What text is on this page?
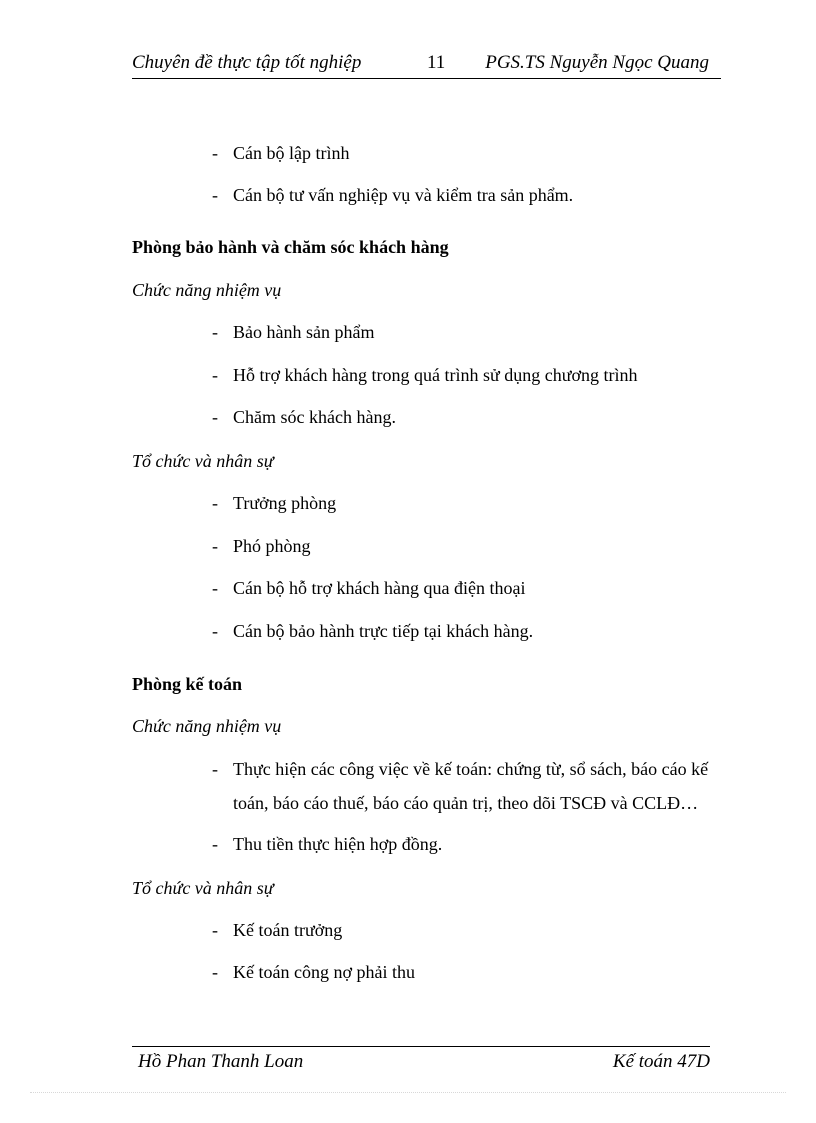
Chuyên đề thực tập tốt nghiệp	11 PGS.TS Nguyễn Ngọc Quang
- Cán bộ lập trình
- Cán bộ tư vấn nghiệp vụ và kiểm tra sản phẩm.
Phòng bảo hành và chăm sóc khách hàng
Chức năng nhiệm vụ
- Bảo hành sản phẩm
- Hỗ trợ khách hàng trong quá trình sử dụng chương trình
- Chăm sóc khách hàng.
Tổ chức và nhân sự
- Trưởng phòng
- Phó phòng
- Cán bộ hỗ trợ khách hàng qua điện thoại
- Cán bộ bảo hành trực tiếp tại khách hàng.
Phòng kế toán
Chức năng nhiệm vụ
- Thực hiện các công việc về kế toán: chứng từ, sổ sách, báo cáo kế
toán, báo cáo thuế, báo cáo quản trị, theo dõi TSCĐ và CCLĐ…
- Thu tiền thực hiện hợp đồng.
Tổ chức và nhân sự
- Kế toán trưởng
- Kế toán công nợ phải thu
Hồ Phan Thanh Loan	Kế toán 47D
